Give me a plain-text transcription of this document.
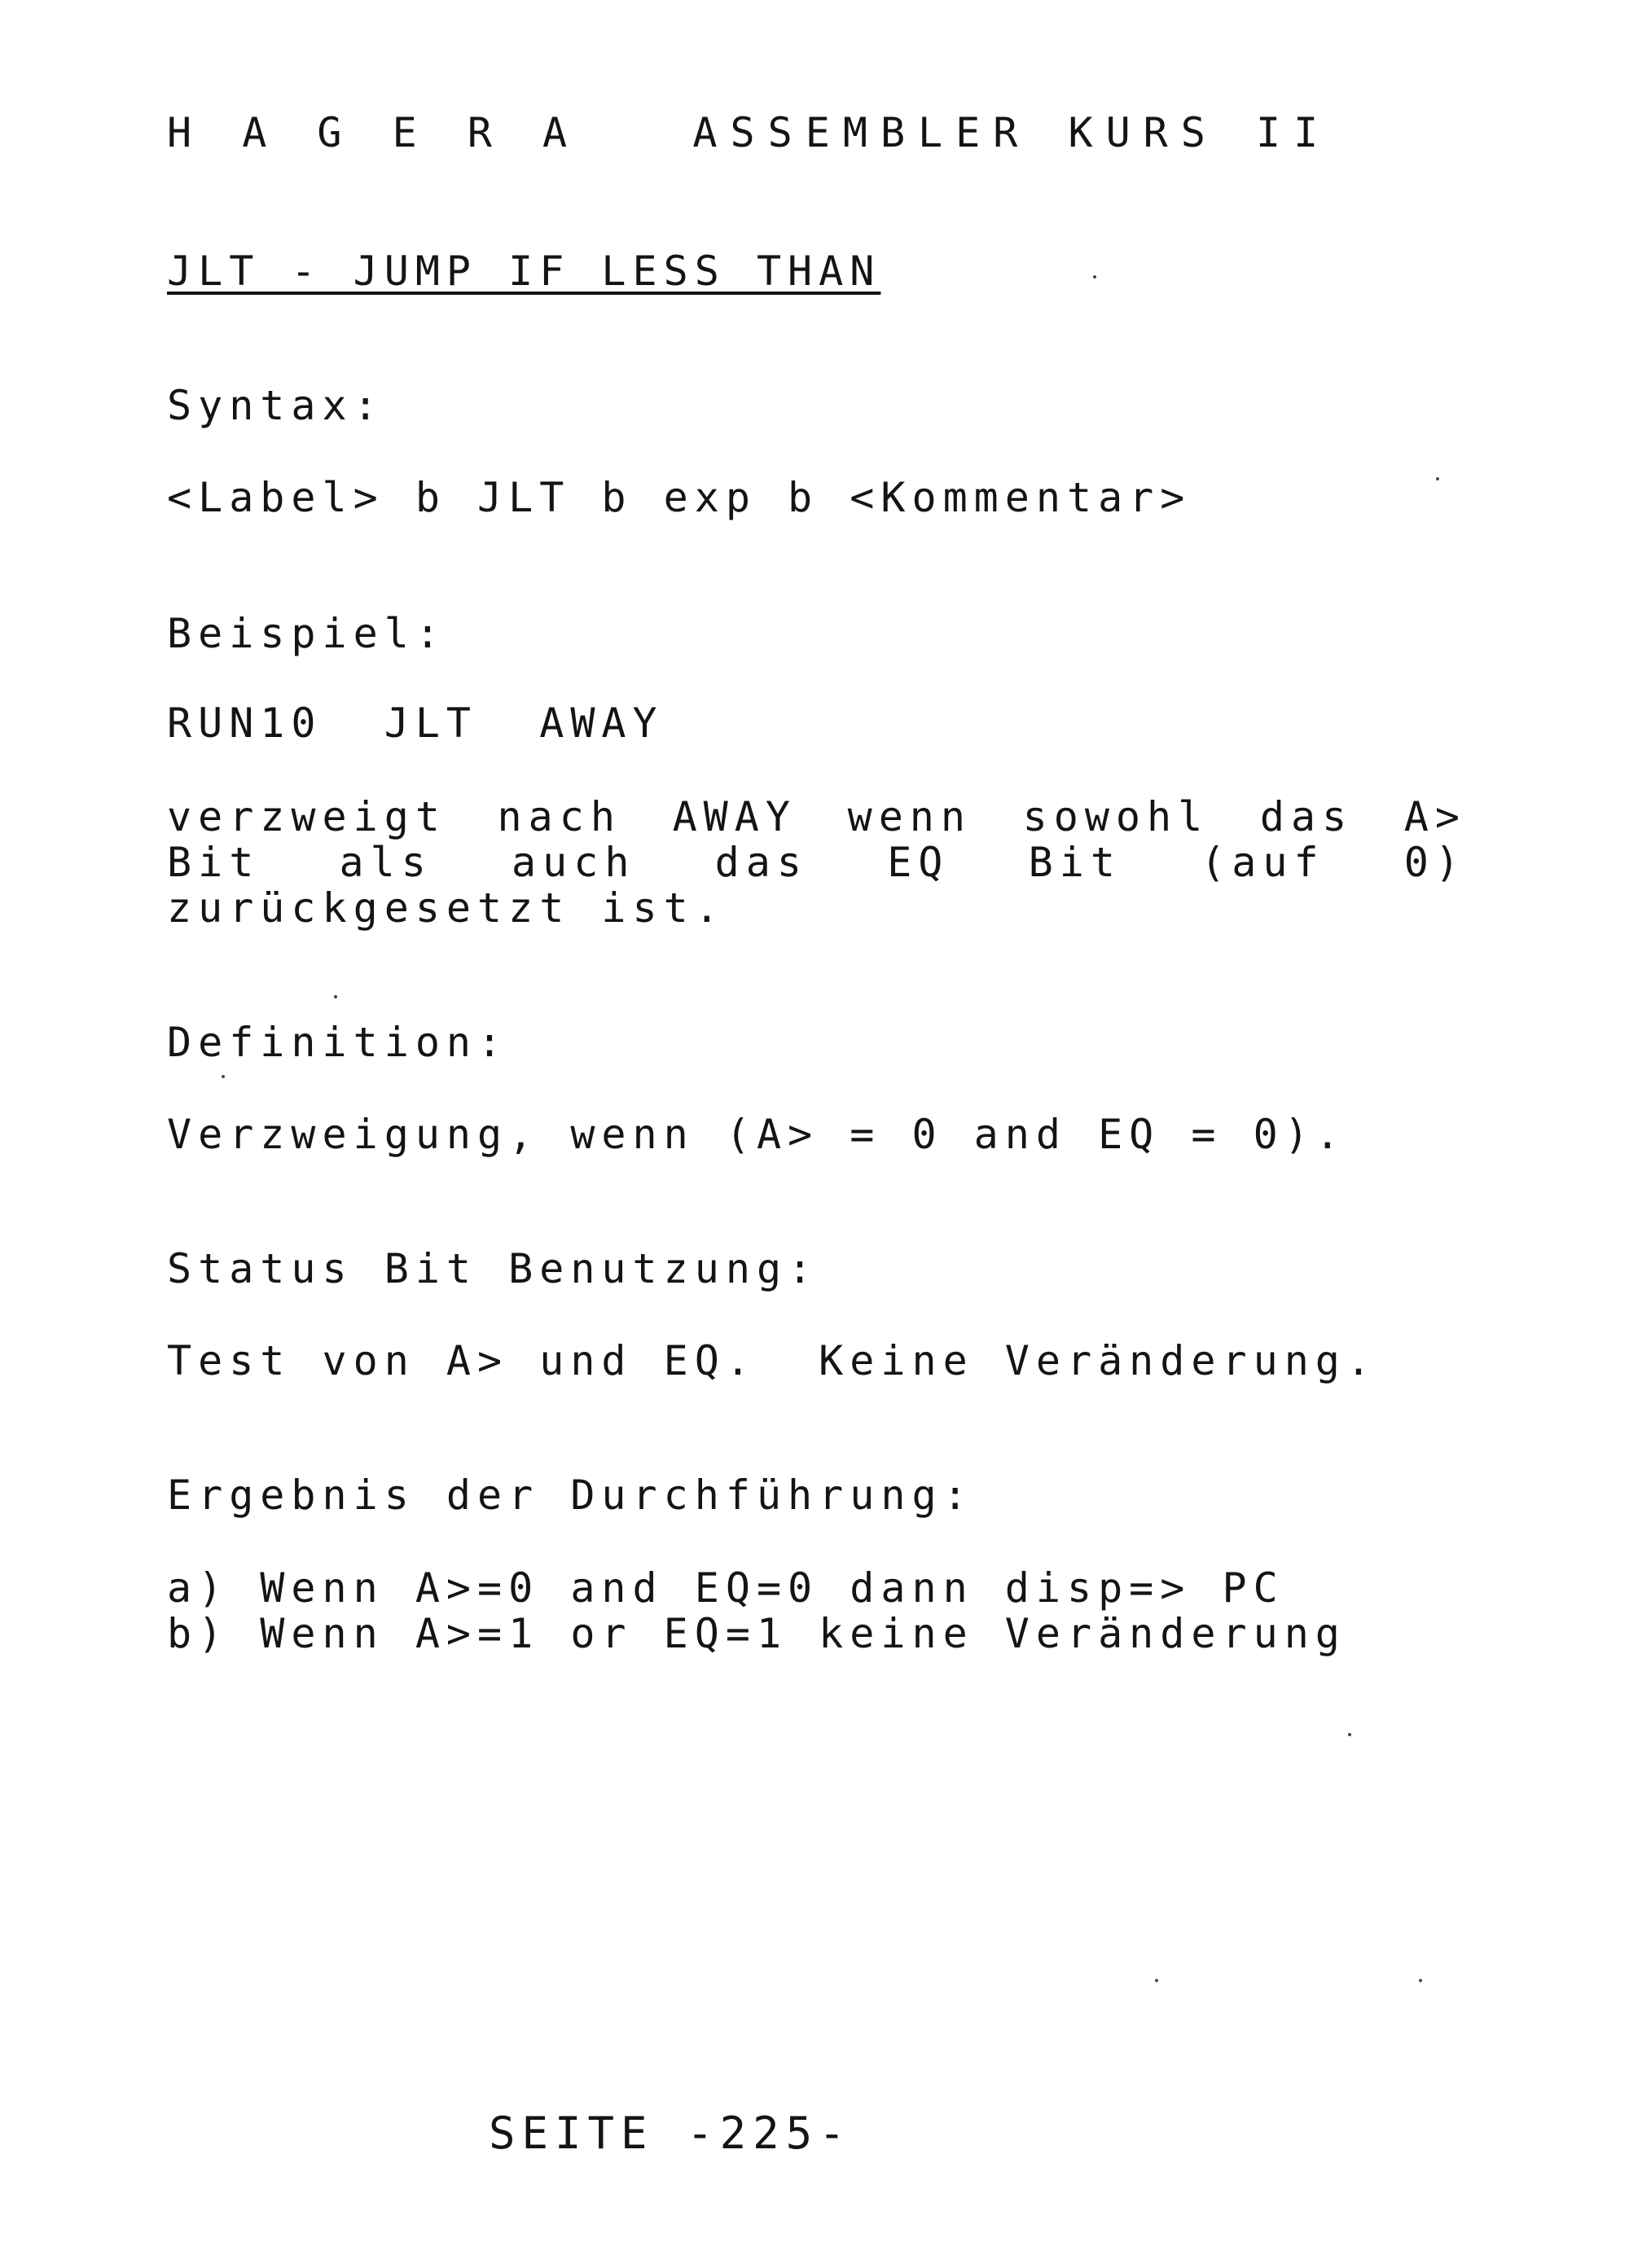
H A G E R A   ASSEMBLER KURS II
JLT - JUMP IF LESS THAN
Syntax:
<Label> b JLT b exp b <Kommentar>
Beispiel:
RUN10  JLT  AWAY
verzweigt nach AWAY wenn sowohl das A>
Bit als auch das EQ Bit (auf 0)
zurückgesetzt ist.
Definition:
Verzweigung, wenn (A> = 0 and EQ = 0).
Status Bit Benutzung:
Test von A> und EQ.  Keine Veränderung.
Ergebnis der Durchführung:
a) Wenn A>=0 and EQ=0 dann disp=> PC
b) Wenn A>=1 or EQ=1 keine Veränderung
SEITE -225-
